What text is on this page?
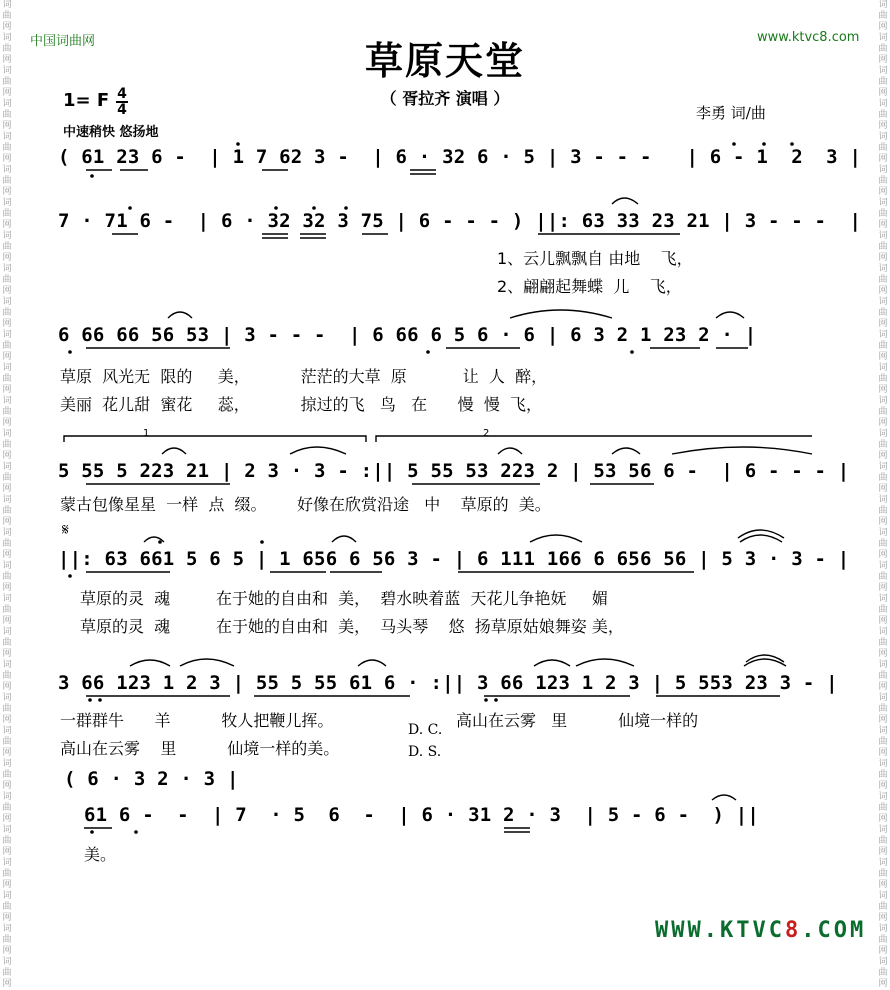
词曲网词曲网词曲网词曲网词曲网词曲网词曲网词曲网词曲网词曲网词曲网词曲网词曲网词曲网词曲网词曲网词曲网词曲网词曲网词曲网词曲网词曲网词曲网词曲网词曲网词曲网词曲网词曲网词曲网词曲网
词曲网词曲网词曲网词曲网词曲网词曲网词曲网词曲网词曲网词曲网词曲网词曲网词曲网词曲网词曲网词曲网词曲网词曲网词曲网词曲网词曲网词曲网词曲网词曲网词曲网词曲网词曲网词曲网词曲网词曲网
中国词曲网	www.ktvc8.com
草原天堂
（ 胥拉齐 演唱 ）
1= F 4
4
中速稍快 悠扬地
李勇 词/曲
( 61 23 6 -  | 1 7 62 3 -  | 6 · 32 6 · 5 | 3 - - -   | 6 - 1  2  3 |
7 · 71 6 -  | 6 · 32 32 3 75 | 6 - - - ) ||: 63 33 23 21 | 3 - - -  |
1、云儿飘飘自 由地    飞，
2、翩翩起舞蝶  儿    飞，
6 66 66 56 53 | 3 - - -  | 6 66 6 5 6 · 6 | 6 3 2 1 23 2 · |
草原  风光无  限的     美，          茫茫的大草  原           让  人  醉，
美丽  花儿甜  蜜花     蕊，          掠过的飞   鸟   在      慢  慢  飞，
1	2
5 55 5 223 21 | 2 3 · 3 - :|| 5 55 53 223 2 | 53 56 6 -  | 6 - - - |
蒙古包像星星  一样  点  缀。      好像在欣赏沿途   中    草原的  美。
𝄋
||: 63 661 5 6 5 | 1 656 6 56 3 - | 6 111 166 6 656 56 | 5 3 · 3 - |
草原的灵  魂         在于她的自由和  美，  碧水映着蓝  天花儿争艳妩     媚
草原的灵  魂         在于她的自由和  美，  马头琴    悠  扬草原姑娘舞姿 美，
3 66 123 1 2 3 | 55 5 55 61 6 · :|| 3 66 123 1 2 3 | 5 553 23 3 - |
一群群牛      羊          牧人把鞭儿挥。
高山在云雾    里          仙境一样的美。
D. C.
D. S.
高山在云雾   里          仙境一样的
( 6 · 3 2 · 3 |
61 6 -  -  | 7  · 5  6  -  | 6 · 31 2 · 3  | 5 - 6 -  ) ||
美。
WWW.KTVC8.COM
